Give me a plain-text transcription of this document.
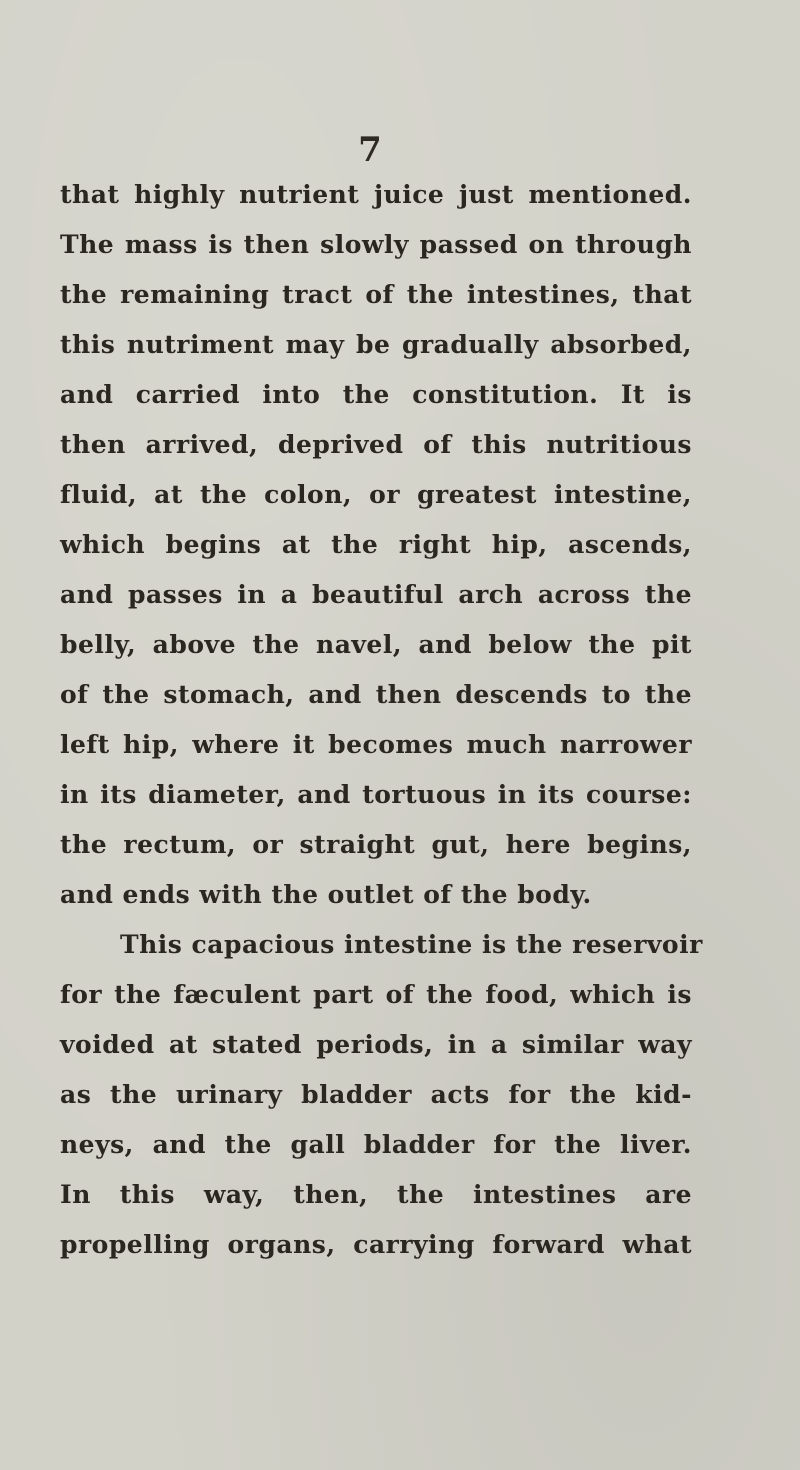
7
that highly nutrient juice just mentioned.
The mass is then slowly passed on through
the remaining tract of the intestines, that
this nutriment may be gradually absorbed,
and carried into the constitution. It is
then arrived, deprived of this nutritious
fluid, at the colon, or greatest intestine,
which begins at the right hip, ascends,
and passes in a beautiful arch across the
belly, above the navel, and below the pit
of the stomach, and then descends to the
left hip, where it becomes much narrower
in its diameter, and tortuous in its course:
the rectum, or straight gut, here begins,
and ends with the outlet of the body.
This capacious intestine is the reservoir
for the fæculent part of the food, which is
voided at stated periods, in a similar way
as the urinary bladder acts for the kid-
neys, and the gall bladder for the liver.
In this way, then, the intestines are
propelling organs, carrying forward what
